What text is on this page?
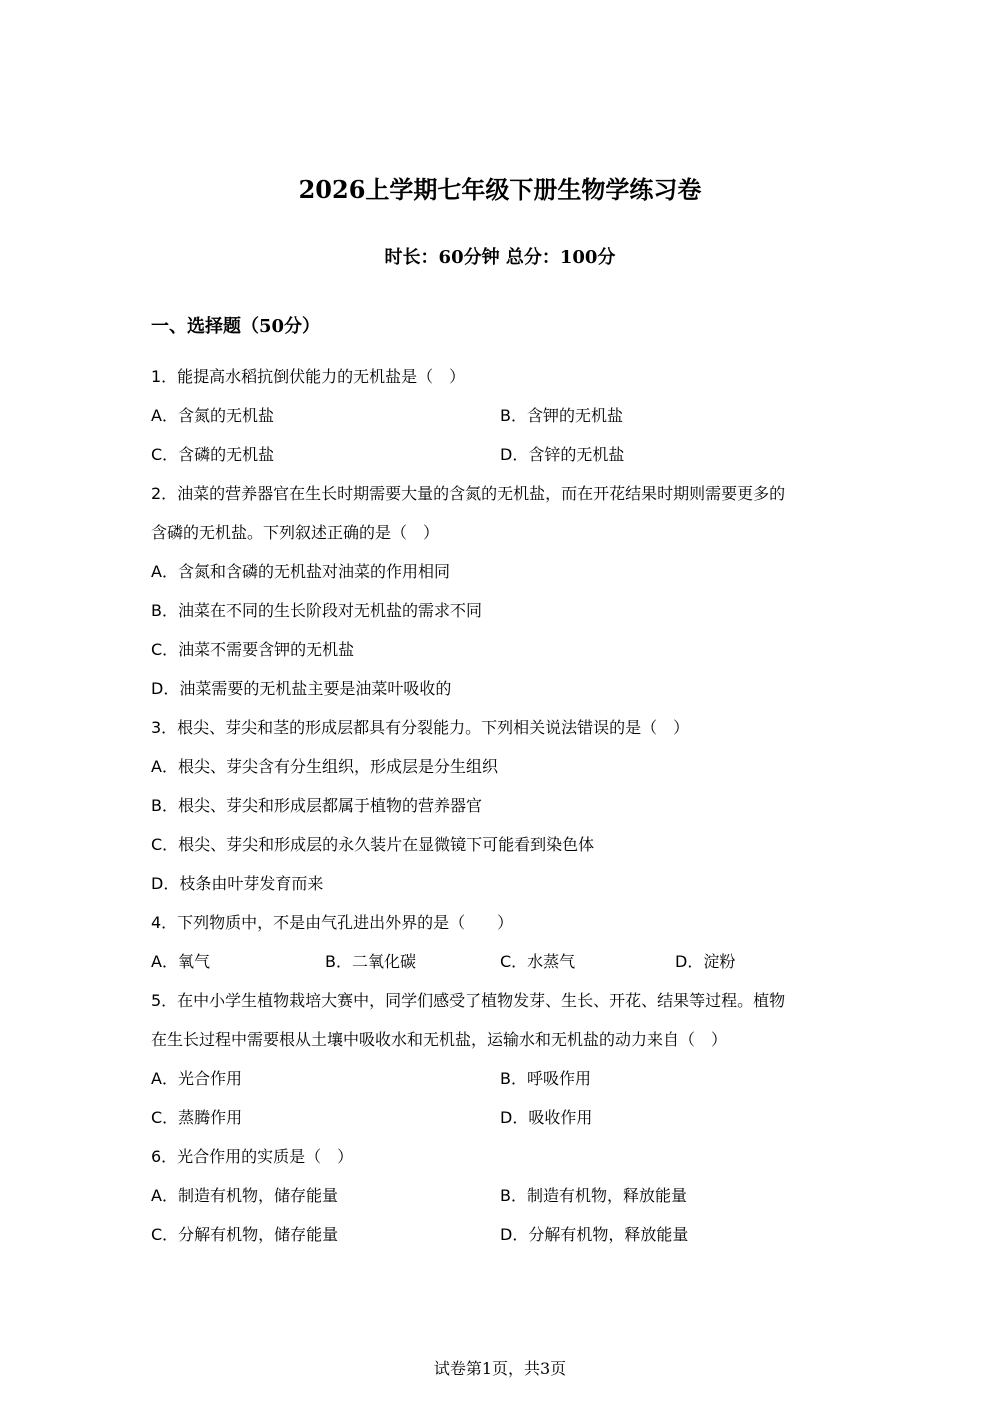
2026上学期七年级下册生物学练习卷
时长：60分钟 总分：100分
一、选择题（50分）
1．能提高水稻抗倒伏能力的无机盐是（　）
A．含氮的无机盐	B．含钾的无机盐
C．含磷的无机盐	D．含锌的无机盐
2．油菜的营养器官在生长时期需要大量的含氮的无机盐，而在开花结果时期则需要更多的
含磷的无机盐。下列叙述正确的是（　）
A．含氮和含磷的无机盐对油菜的作用相同
B．油菜在不同的生长阶段对无机盐的需求不同
C．油菜不需要含钾的无机盐
D．油菜需要的无机盐主要是油菜叶吸收的
3．根尖、芽尖和茎的形成层都具有分裂能力。下列相关说法错误的是（　）
A．根尖、芽尖含有分生组织，形成层是分生组织
B．根尖、芽尖和形成层都属于植物的营养器官
C．根尖、芽尖和形成层的永久装片在显微镜下可能看到染色体
D．枝条由叶芽发育而来
4．下列物质中，不是由气孔进出外界的是（　　）
A．氧气	B．二氧化碳	C．水蒸气	D．淀粉
5．在中小学生植物栽培大赛中，同学们感受了植物发芽、生长、开花、结果等过程。植物
在生长过程中需要根从土壤中吸收水和无机盐，运输水和无机盐的动力来自（　）
A．光合作用	B．呼吸作用
C．蒸腾作用	D．吸收作用
6．光合作用的实质是（　）
A．制造有机物，储存能量	B．制造有机物，释放能量
C．分解有机物，储存能量	D．分解有机物，释放能量
试卷第1页，共3页
